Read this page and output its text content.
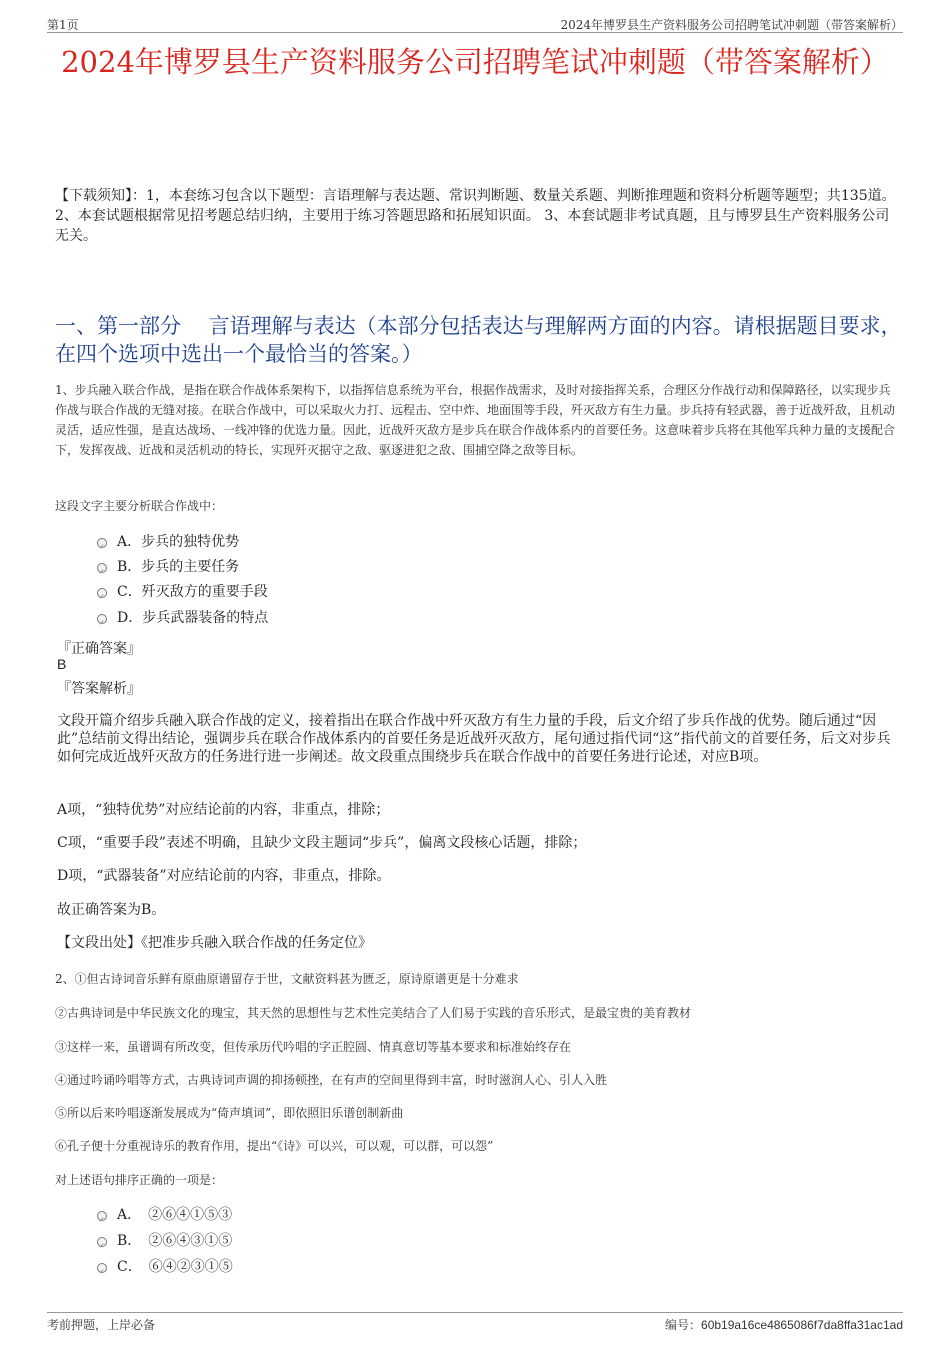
第1页	2024年博罗县生产资料服务公司招聘笔试冲刺题（带答案解析）
2024年博罗县生产资料服务公司招聘笔试冲刺题（带答案解析）
【下载须知】：1，本套练习包含以下题型：言语理解与表达题、常识判断题、数量关系题、判断推理题和资料分析题等题型；共135道。 2、本套试题根据常见招考题总结归纳，主要用于练习答题思路和拓展知识面。 3、本套试题非考试真题，且与博罗县生产资料服务公司无关。
一、第一部分　 言语理解与表达（本部分包括表达与理解两方面的内容。请根据题目要求，在四个选项中选出一个最恰当的答案。）
1、步兵融入联合作战，是指在联合作战体系架构下，以指挥信息系统为平台，根据作战需求，及时对接指挥关系，合理区分作战行动和保障路径，以实现步兵作战与联合作战的无缝对接。在联合作战中，可以采取火力打、远程击、空中炸、地面围等手段，歼灭敌方有生力量。步兵持有轻武器，善于近战歼敌，且机动灵活，适应性强，是直达战场、一线冲锋的优选力量。因此，近战歼灭敌方是步兵在联合作战体系内的首要任务。这意味着步兵将在其他军兵种力量的支援配合下，发挥夜战、近战和灵活机动的特长，实现歼灭据守之敌、驱逐进犯之敌、围捕空降之敌等目标。
这段文字主要分析联合作战中：
A．步兵的独特优势
B．步兵的主要任务
C．歼灭敌方的重要手段
D．步兵武器装备的特点
『正确答案』
B
『答案解析』
文段开篇介绍步兵融入联合作战的定义，接着指出在联合作战中歼灭敌方有生力量的手段，后文介绍了步兵作战的优势。随后通过“因此”总结前文得出结论，强调步兵在联合作战体系内的首要任务是近战歼灭敌方，尾句通过指代词“这”指代前文的首要任务，后文对步兵如何完成近战歼灭敌方的任务进行进一步阐述。故文段重点围绕步兵在联合作战中的首要任务进行论述，对应B项。
A项，“独特优势”对应结论前的内容，非重点，排除；
C项，“重要手段”表述不明确，且缺少文段主题词“步兵”，偏离文段核心话题，排除；
D项，“武器装备”对应结论前的内容，非重点，排除。
故正确答案为B。
【文段出处】《把准步兵融入联合作战的任务定位》
2、①但古诗词音乐鲜有原曲原谱留存于世，文献资料甚为匮乏，原诗原谱更是十分难求
②古典诗词是中华民族文化的瑰宝，其天然的思想性与艺术性完美结合了人们易于实践的音乐形式，是最宝贵的美育教材
③这样一来，虽谱调有所改变，但传承历代吟唱的字正腔圆、情真意切等基本要求和标准始终存在
④通过吟诵吟唱等方式，古典诗词声调的抑扬顿挫，在有声的空间里得到丰富，时时滋润人心、引人入胜
⑤所以后来吟唱逐渐发展成为“倚声填词”，即依照旧乐谱创制新曲
⑥孔子便十分重视诗乐的教育作用，提出“《诗》可以兴，可以观，可以群，可以怨”
对上述语句排序正确的一项是：
A．　②⑥④①⑤③
B．　②⑥④③①⑤
C．　⑥④②③①⑤
考前押题，上岸必备	编号：60b19a16ce4865086f7da8ffa31ac1ad
